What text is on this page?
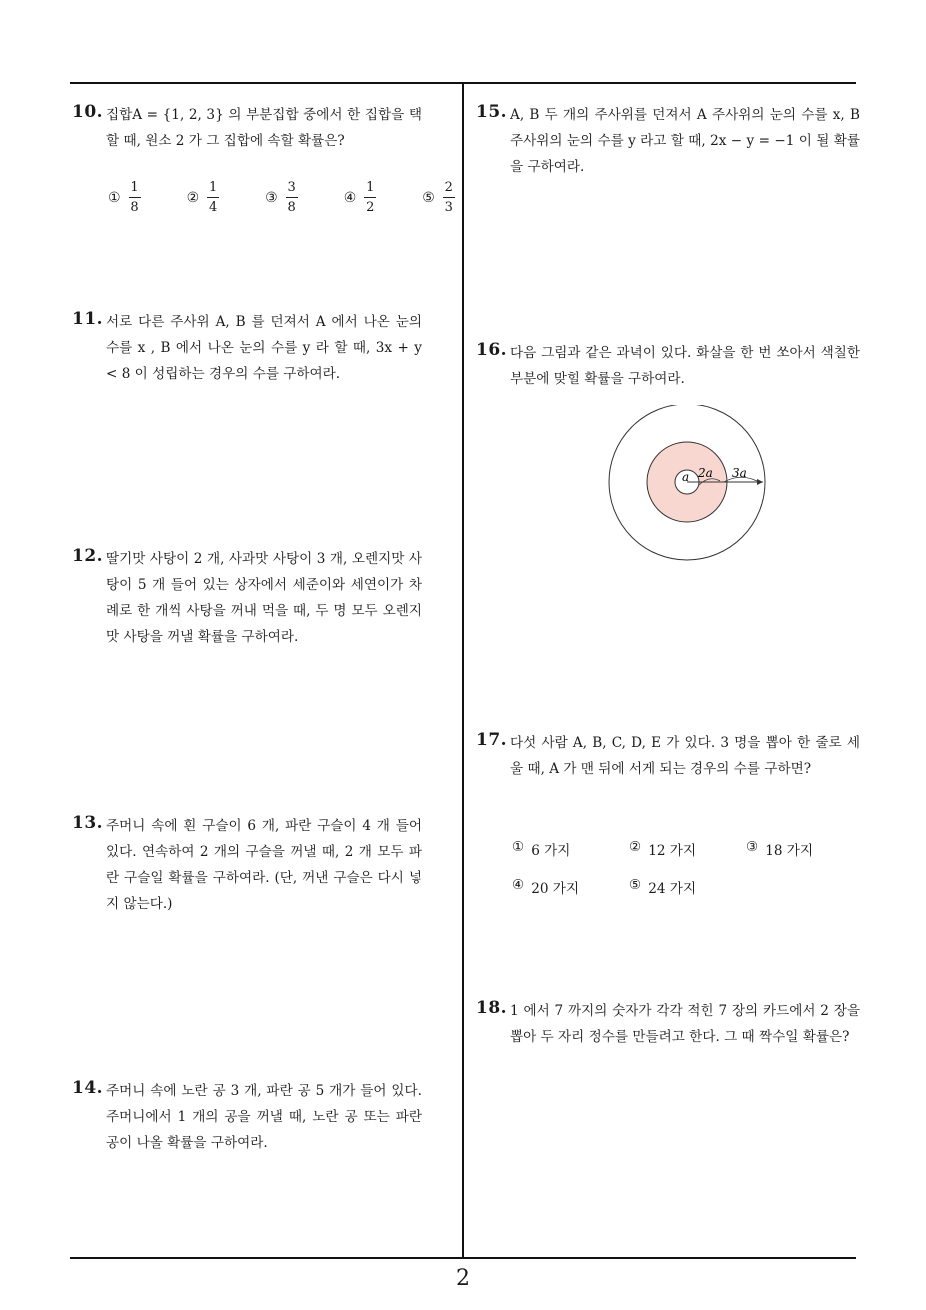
10. 집합A = {1, 2, 3} 의 부분집합 중에서 한 집합을 택할 때, 원소 2 가 그 집합에 속할 확률은?
① $\frac{1}{8}$	② $\frac{1}{4}$	③ $\frac{3}{8}$	④ $\frac{1}{2}$	⑤ $\frac{2}{3}$
11. 서로 다른 주사위 A, B 를 던져서 A 에서 나온 눈의 수를 x , B 에서 나온 눈의 수를 y 라 할 때, 3x + y < 8 이 성립하는 경우의 수를 구하여라.
12. 딸기맛 사탕이 2 개, 사과맛 사탕이 3 개, 오렌지맛 사탕이 5 개 들어 있는 상자에서 세준이와 세연이가 차례로 한 개씩 사탕을 꺼내 먹을 때, 두 명 모두 오렌지맛 사탕을 꺼낼 확률을 구하여라.
13. 주머니 속에 흰 구슬이 6 개, 파란 구슬이 4 개 들어 있다. 연속하여 2 개의 구슬을 꺼낼 때, 2 개 모두 파란 구슬일 확률을 구하여라. (단, 꺼낸 구슬은 다시 넣지 않는다.)
14. 주머니 속에 노란 공 3 개, 파란 공 5 개가 들어 있다. 주머니에서 1 개의 공을 꺼낼 때, 노란 공 또는 파란 공이 나올 확률을 구하여라.
15. A, B 두 개의 주사위를 던져서 A 주사위의 눈의 수를 x, B 주사위의 눈의 수를 y 라고 할 때, 2x − y = −1 이 될 확률을 구하여라.
16. 다음 그림과 같은 과녁이 있다. 화살을 한 번 쏘아서 색칠한 부분에 맞힐 확률을 구하여라.
a 2a 3a
17. 다섯 사람 A, B, C, D, E 가 있다. 3 명을 뽑아 한 줄로 세울 때, A 가 맨 뒤에 서게 되는 경우의 수를 구하면?
① 6 가지	② 12 가지	③ 18 가지
④ 20 가지	⑤ 24 가지
18. 1 에서 7 까지의 숫자가 각각 적힌 7 장의 카드에서 2 장을 뽑아 두 자리 정수를 만들려고 한다. 그 때 짝수일 확률은?
2
